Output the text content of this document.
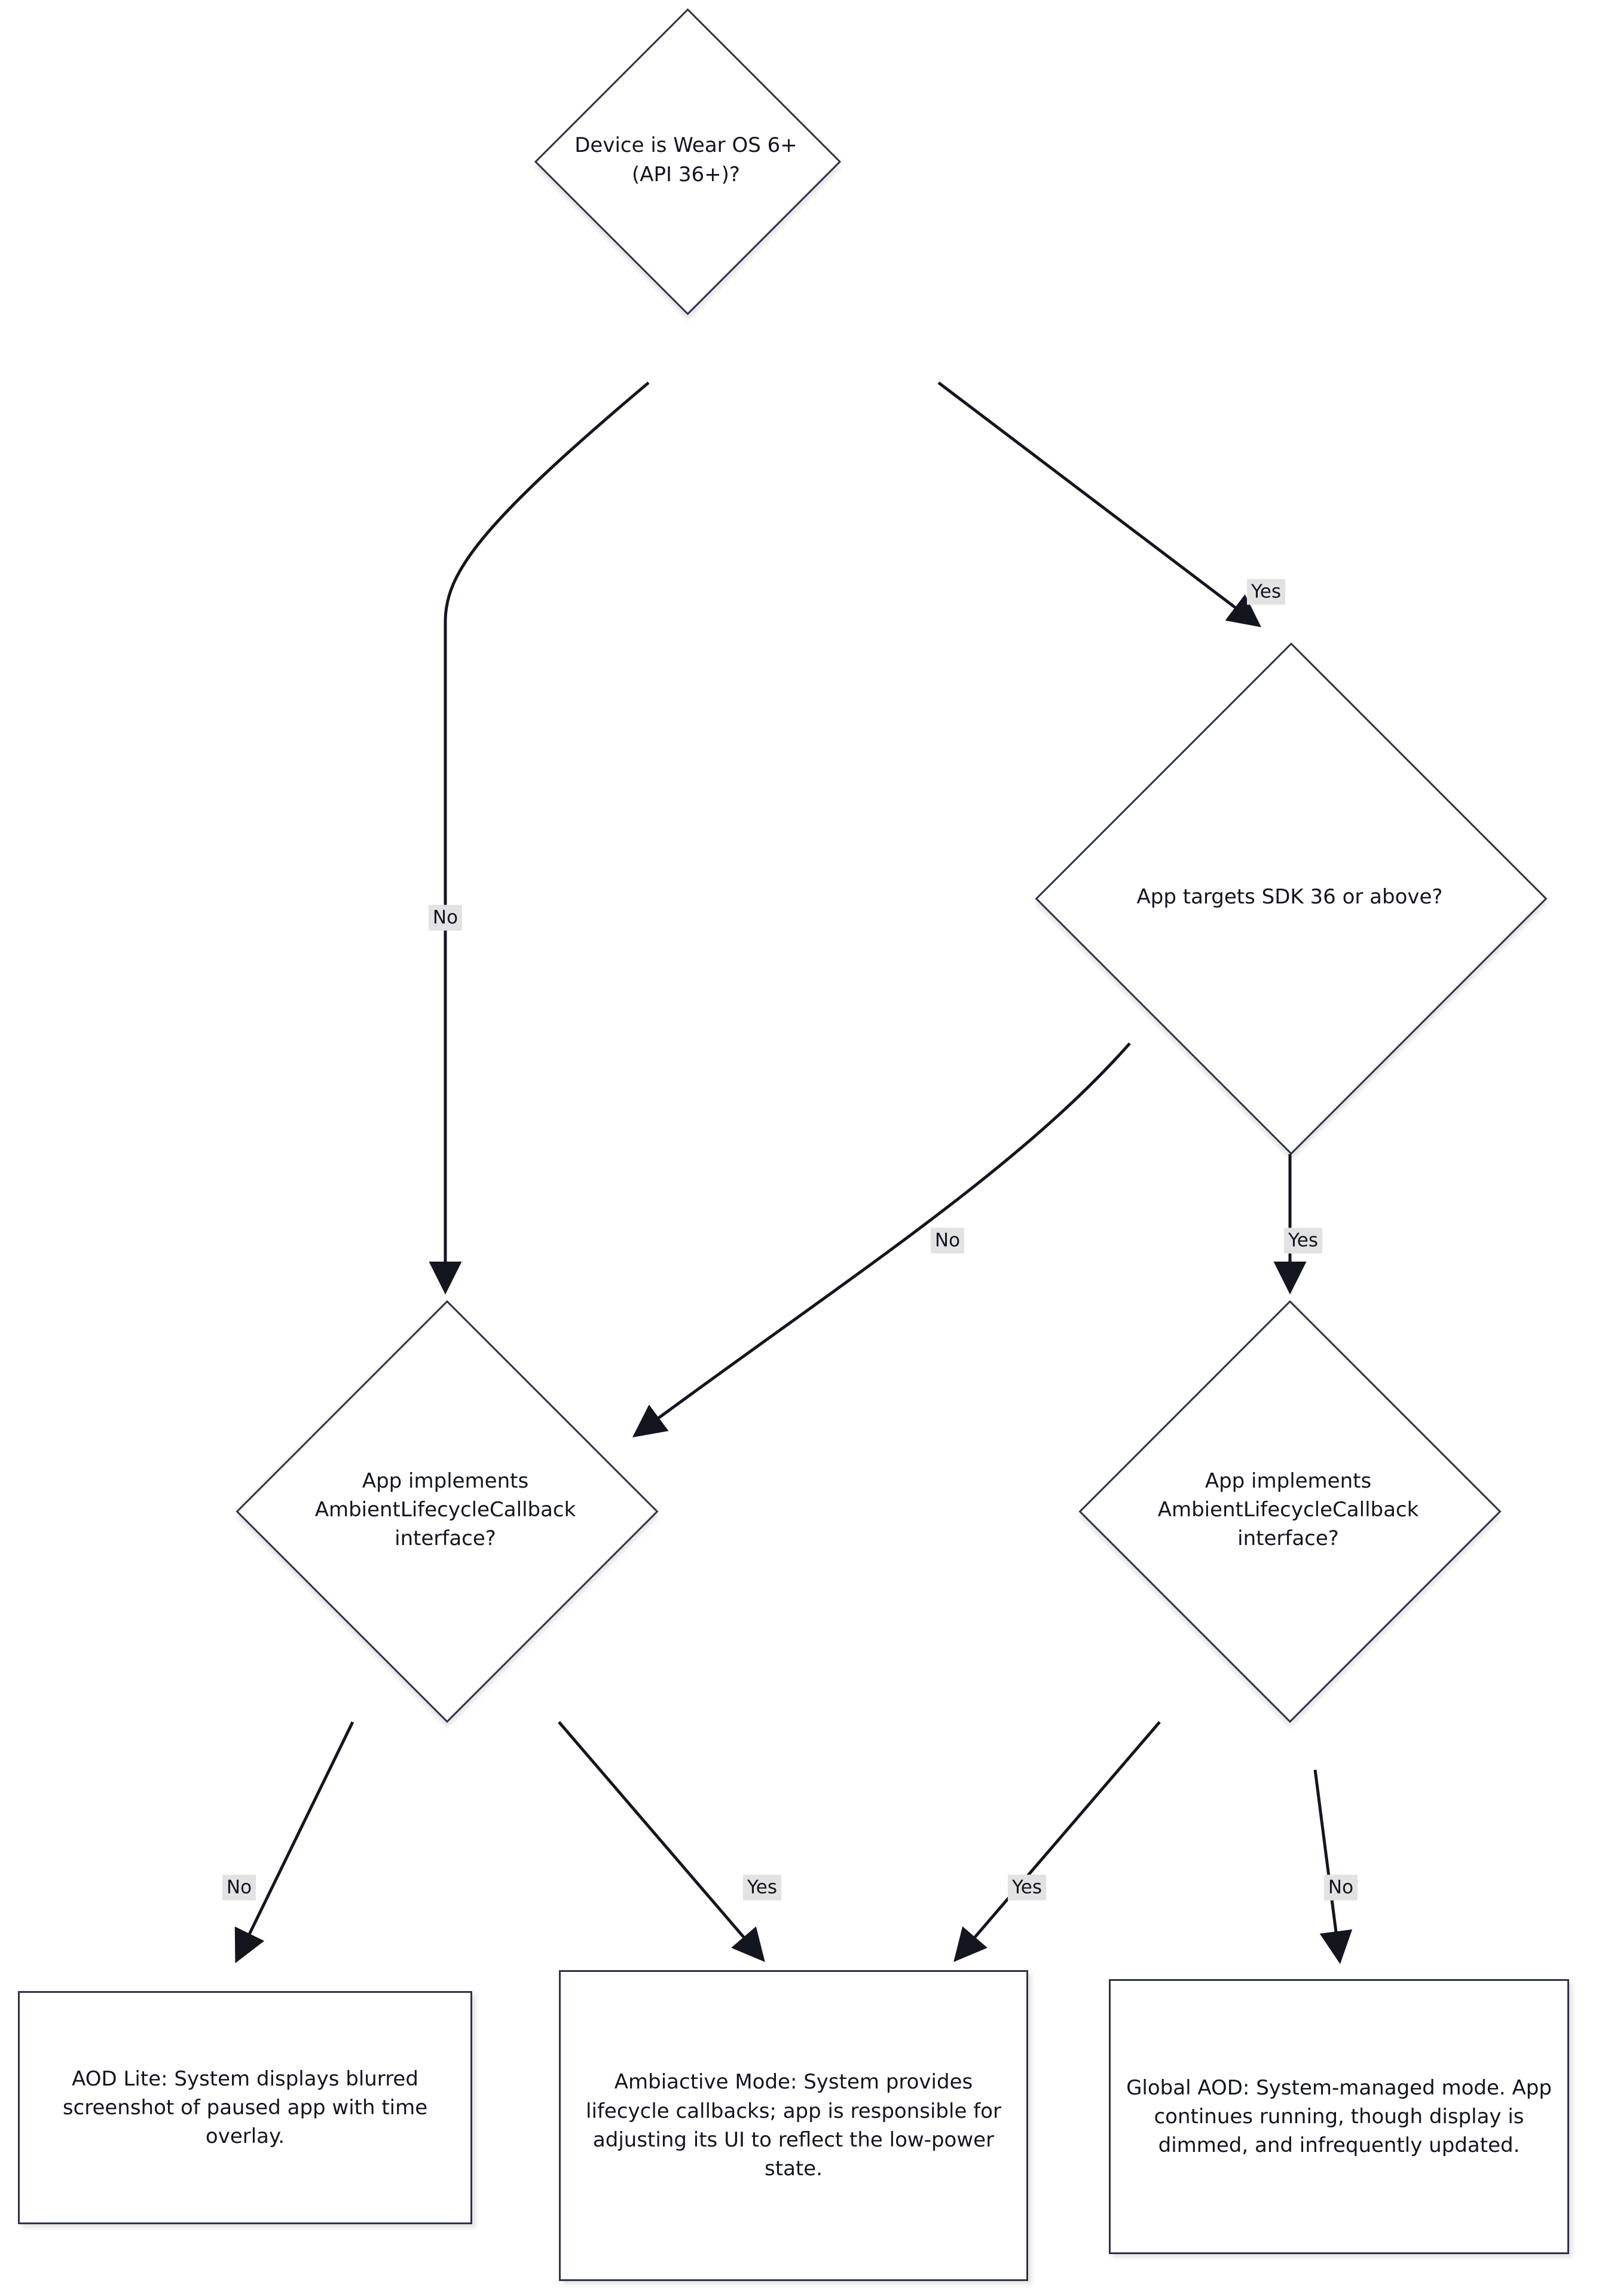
Device is Wear OS 6+ (API 36+)?
App targets SDK 36 or above?
App implements AmbientLifecycleCallback interface?
App implements AmbientLifecycleCallback interface?
AOD Lite: System displays blurred screenshot of paused app with time overlay.
Ambiactive Mode: System provides lifecycle callbacks; app is responsible for adjusting its UI to reflect the low-power state.
Global AOD: System-managed mode. App continues running, though display is dimmed, and infrequently updated.
No
Yes
No	Yes
No	Yes	Yes	No
